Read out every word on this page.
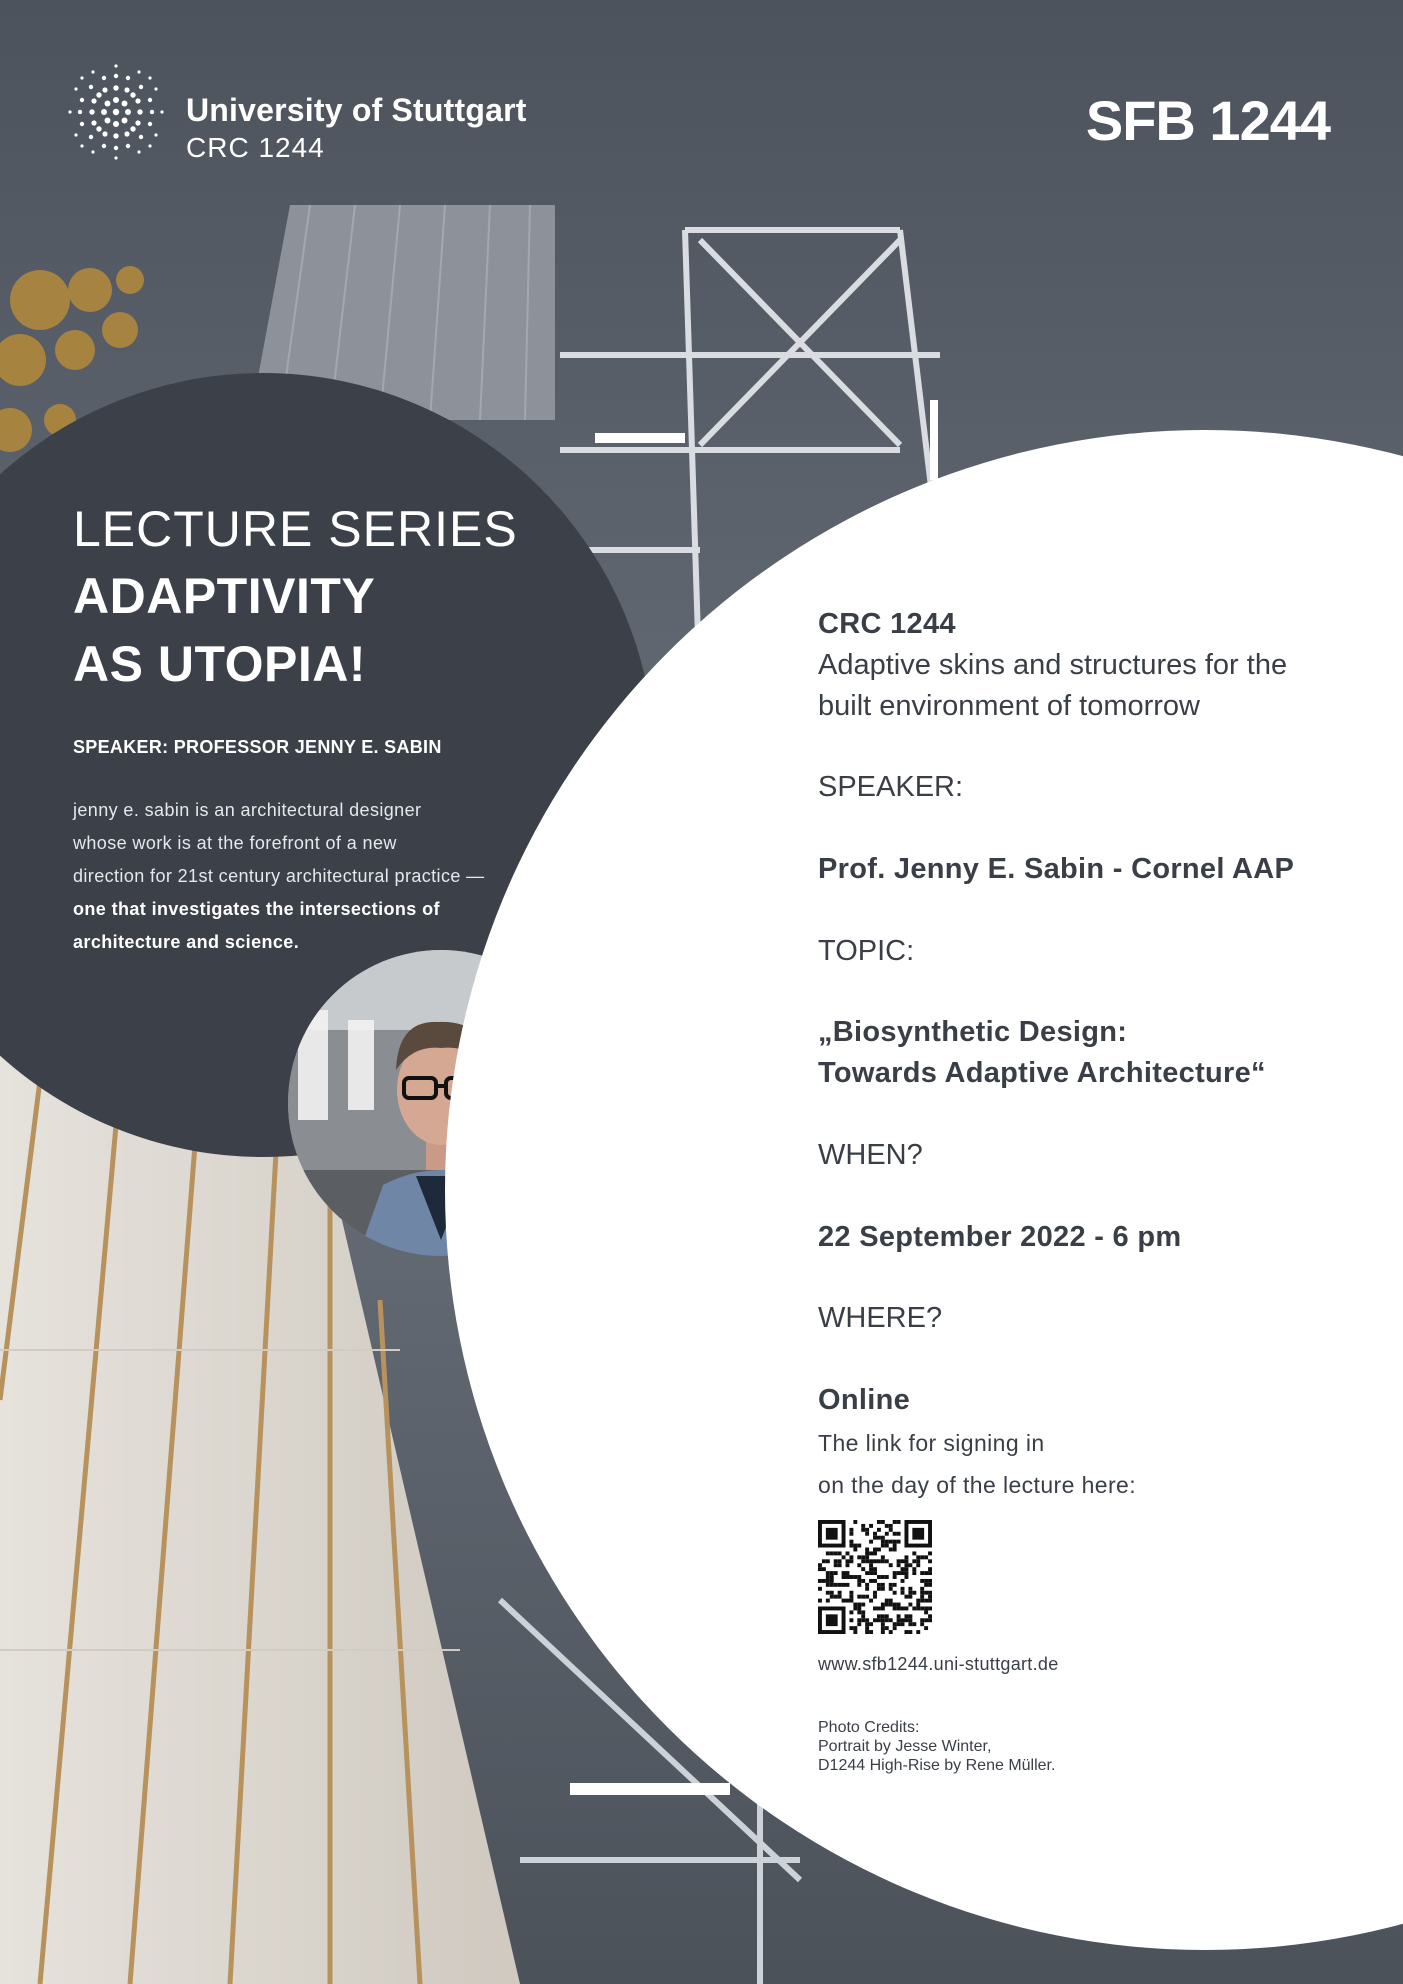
University of Stuttgart
CRC 1244	SFB 1244
LECTURE SERIES
ADAPTIVITY
AS UTOPIA!
SPEAKER: PROFESSOR JENNY E. SABIN
jenny e. sabin is an architectural designer
whose work is at the forefront of a new
direction for 21st century architectural practice —
one that investigates the intersections of
architecture and science.
CRC 1244
Adaptive skins and structures for the
built environment of tomorrow
SPEAKER:
Prof. Jenny E. Sabin - Cornel AAP
TOPIC:
„Biosynthetic Design:
Towards Adaptive Architecture“
WHEN?
22 September 2022 - 6 pm
WHERE?
Online
The link for signing in
on the day of the lecture here:
www.sfb1244.uni-stuttgart.de
Photo Credits:
Portrait by Jesse Winter,
D1244 High-Rise by Rene Müller.
